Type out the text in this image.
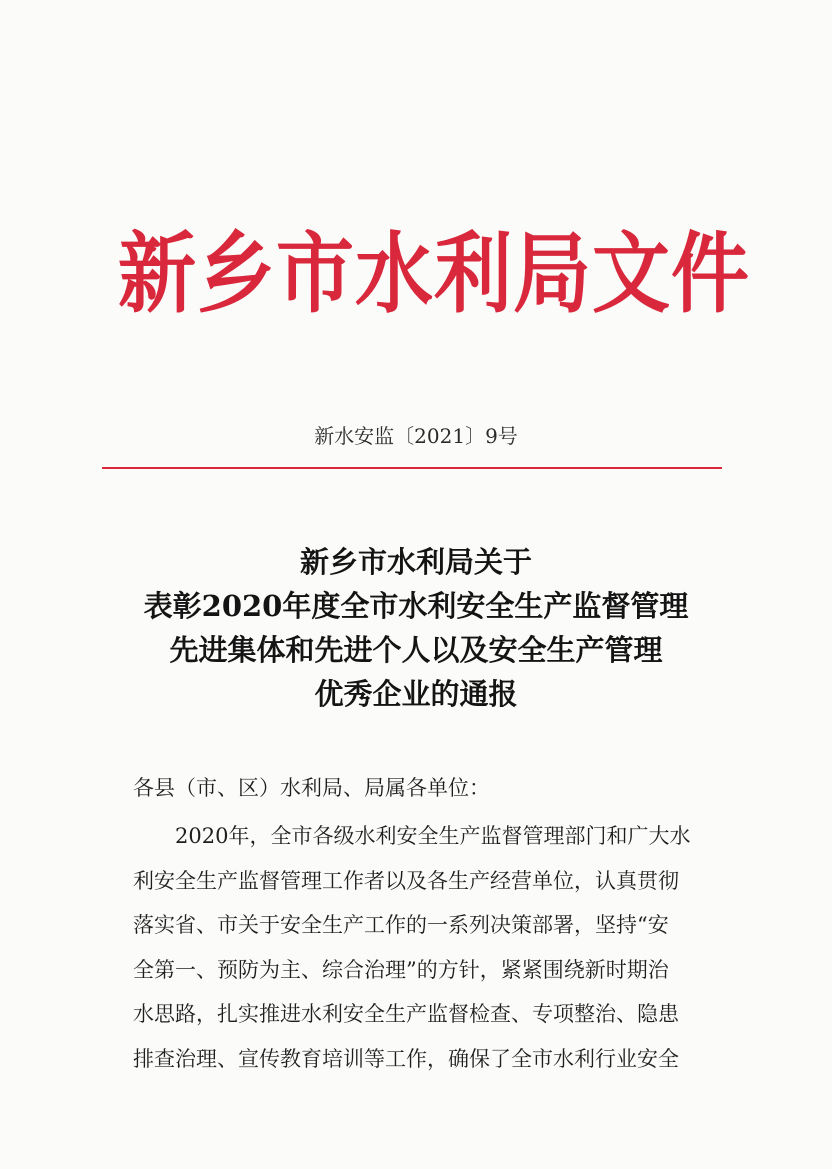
新乡市水利局文件
新水安监〔2021〕9号
新乡市水利局关于
表彰2020年度全市水利安全生产监督管理
先进集体和先进个人以及安全生产管理
优秀企业的通报
各县（市、区）水利局、局属各单位：
2020年，全市各级水利安全生产监督管理部门和广大水
利安全生产监督管理工作者以及各生产经营单位，认真贯彻
落实省、市关于安全生产工作的一系列决策部署，坚持“安
全第一、预防为主、综合治理”的方针，紧紧围绕新时期治
水思路，扎实推进水利安全生产监督检查、专项整治、隐患
排查治理、宣传教育培训等工作，确保了全市水利行业安全
